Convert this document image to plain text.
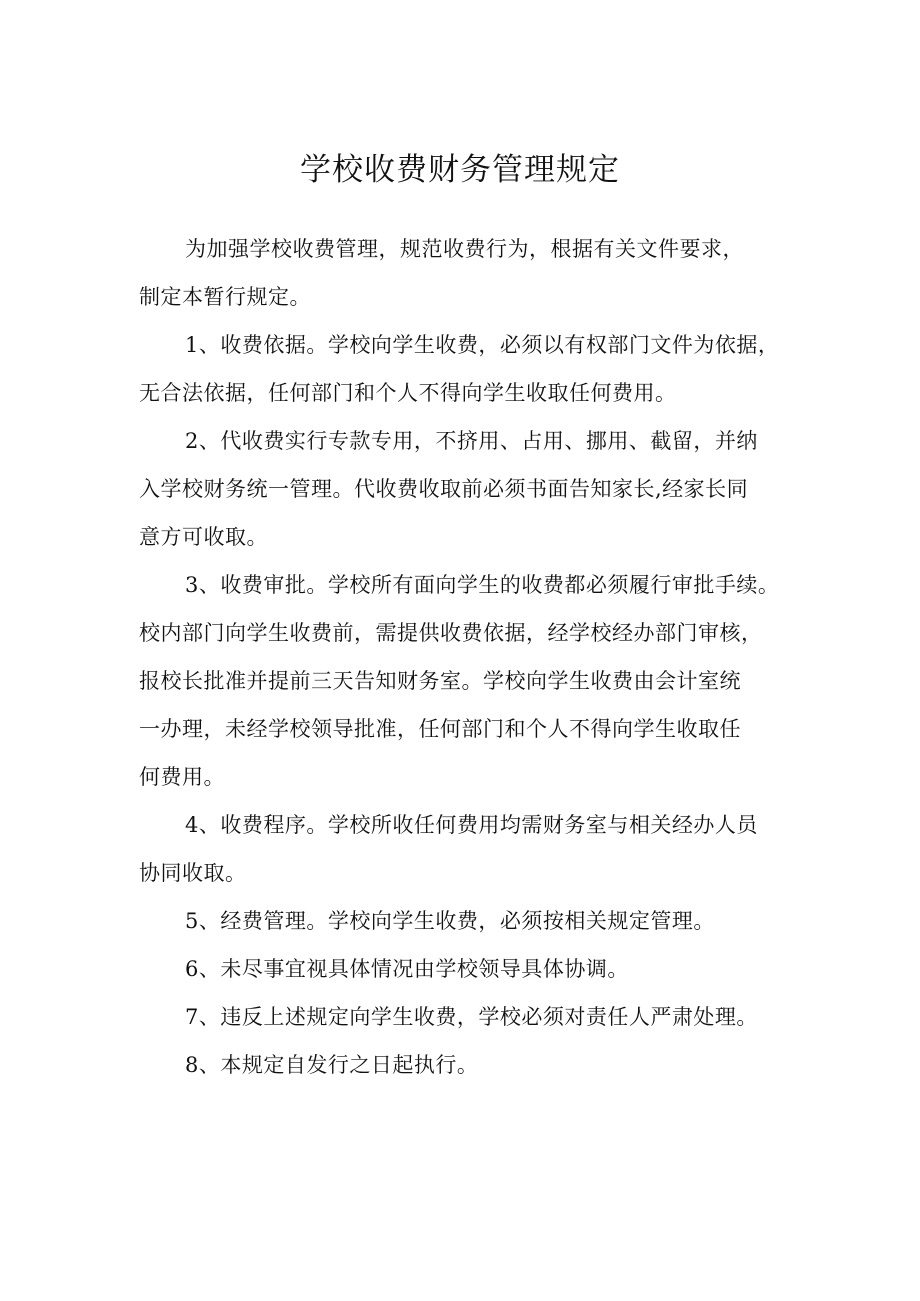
学校收费财务管理规定
为加强学校收费管理，规范收费行为，根据有关文件要求，
制定本暂行规定。
1、收费依据。学校向学生收费，必须以有权部门文件为依据，
无合法依据，任何部门和个人不得向学生收取任何费用。
2、代收费实行专款专用，不挤用、占用、挪用、截留，并纳
入学校财务统一管理。代收费收取前必须书面告知家长,经家长同
意方可收取。
3、收费审批。学校所有面向学生的收费都必须履行审批手续。
校内部门向学生收费前，需提供收费依据，经学校经办部门审核，
报校长批准并提前三天告知财务室。学校向学生收费由会计室统
一办理，未经学校领导批准，任何部门和个人不得向学生收取任
何费用。
4、收费程序。学校所收任何费用均需财务室与相关经办人员
协同收取。
5、经费管理。学校向学生收费，必须按相关规定管理。
6、未尽事宜视具体情况由学校领导具体协调。
7、违反上述规定向学生收费，学校必须对责任人严肃处理。
8、本规定自发行之日起执行。
